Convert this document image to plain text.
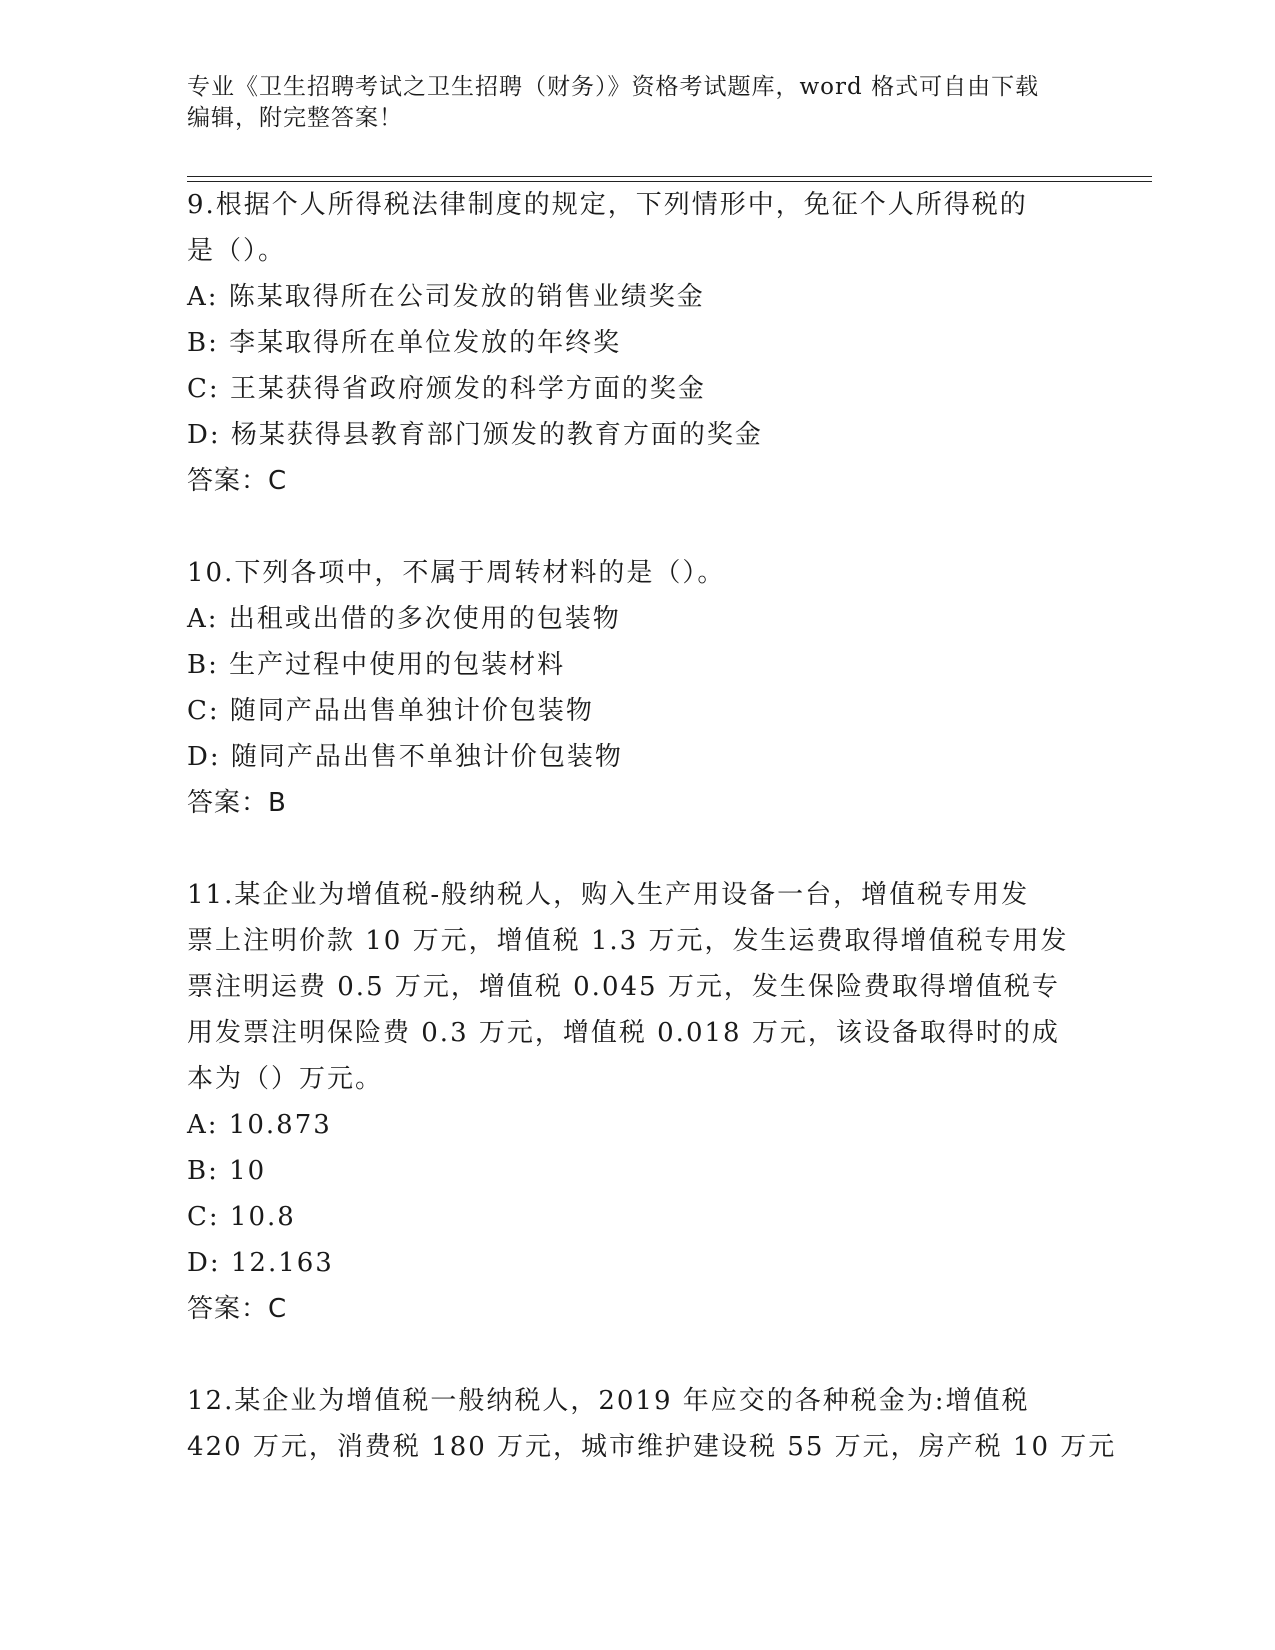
专业《卫生招聘考试之卫生招聘（财务）》资格考试题库，word 格式可自由下载
编辑，附完整答案！
9.根据个人所得税法律制度的规定，下列情形中，免征个人所得税的
是（）。
A: 陈某取得所在公司发放的销售业绩奖金
B: 李某取得所在单位发放的年终奖
C: 王某获得省政府颁发的科学方面的奖金
D: 杨某获得县教育部门颁发的教育方面的奖金
答案：C
10.下列各项中，不属于周转材料的是（）。
A: 出租或出借的多次使用的包装物
B: 生产过程中使用的包装材料
C: 随同产品出售单独计价包装物
D: 随同产品出售不单独计价包装物
答案：B
11.某企业为增值税-般纳税人，购入生产用设备一台，增值税专用发
票上注明价款 10 万元，增值税 1.3 万元，发生运费取得增值税专用发
票注明运费 0.5 万元，增值税 0.045 万元，发生保险费取得增值税专
用发票注明保险费 0.3 万元，增值税 0.018 万元，该设备取得时的成
本为（）万元。
A: 10.873
B: 10
C: 10.8
D: 12.163
答案：C
12.某企业为增值税一般纳税人，2019 年应交的各种税金为:增值税
420 万元，消费税 180 万元，城市维护建设税 55 万元，房产税 10 万元
